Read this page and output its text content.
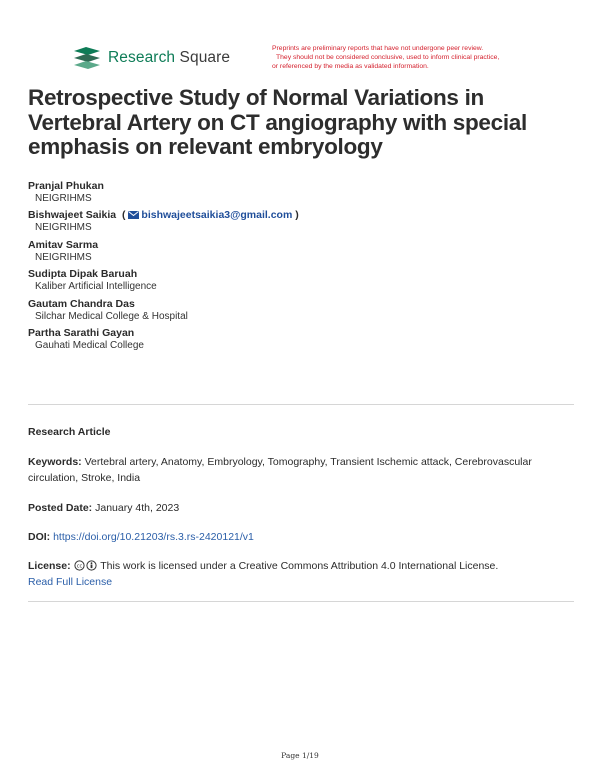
Research Square
Preprints are preliminary reports that have not undergone peer review.
They should not be considered conclusive, used to inform clinical practice,
or referenced by the media as validated information.
Retrospective Study of Normal Variations in Vertebral Artery on CT angiography with special emphasis on relevant embryology

Pranjal Phukan

NEIGRIHMS

Bishwajeet Saikia  ( bishwajeetsaikia3@gmail.com )

NEIGRIHMS

Amitav Sarma

NEIGRIHMS

Sudipta Dipak Baruah

Kaliber Artificial Intelligence

Gautam Chandra Das

Silchar Medical College & Hospital

Partha Sarathi Gayan

Gauhati Medical College

Research Article
Keywords: Vertebral artery, Anatomy, Embryology, Tomography, Transient Ischemic attack, Cerebrovascular circulation, Stroke, India
Posted Date: January 4th, 2023
DOI: https://doi.org/10.21203/rs.3.rs-2420121/v1
License: cc This work is licensed under a Creative Commons Attribution 4.0 International License.
Read Full License
Page 1/19
